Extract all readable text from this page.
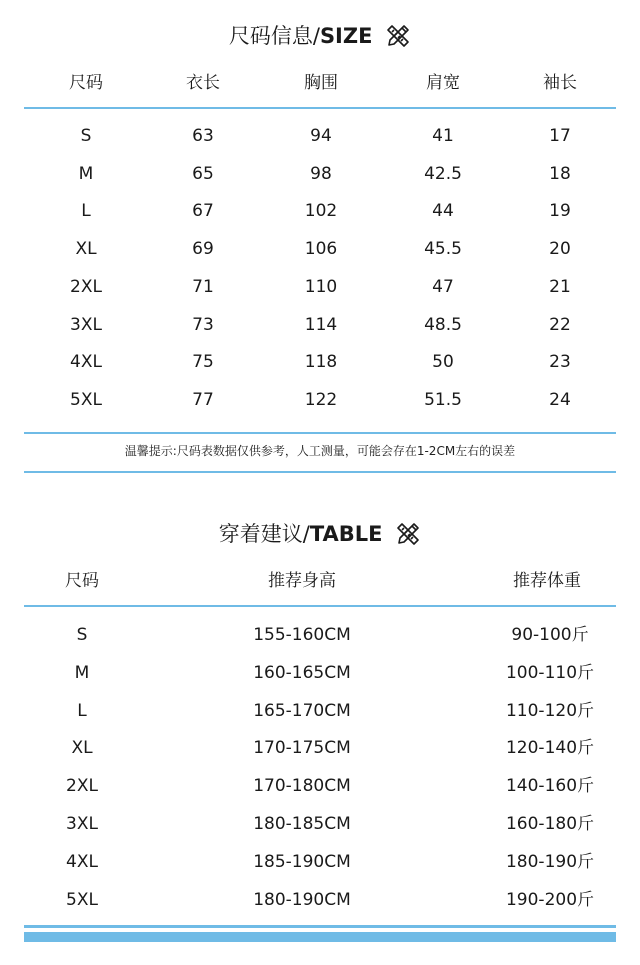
尺码信息/SIZE
尺码	衣长	胸围	肩宽	袖长
S	63	94	41	17
M	65	98	42.5	18
L	67	102	44	19
XL	69	106	45.5	20
2XL	71	110	47	21
3XL	73	114	48.5	22
4XL	75	118	50	23
5XL	77	122	51.5	24
温馨提示:尺码表数据仅供参考，人工测量，可能会存在1-2CM左右的误差
穿着建议/TABLE
尺码	推荐身高	推荐体重
S	155-160CM	90-100斤
M	160-165CM	100-110斤
L	165-170CM	110-120斤
XL	170-175CM	120-140斤
2XL	170-180CM	140-160斤
3XL	180-185CM	160-180斤
4XL	185-190CM	180-190斤
5XL	180-190CM	190-200斤
